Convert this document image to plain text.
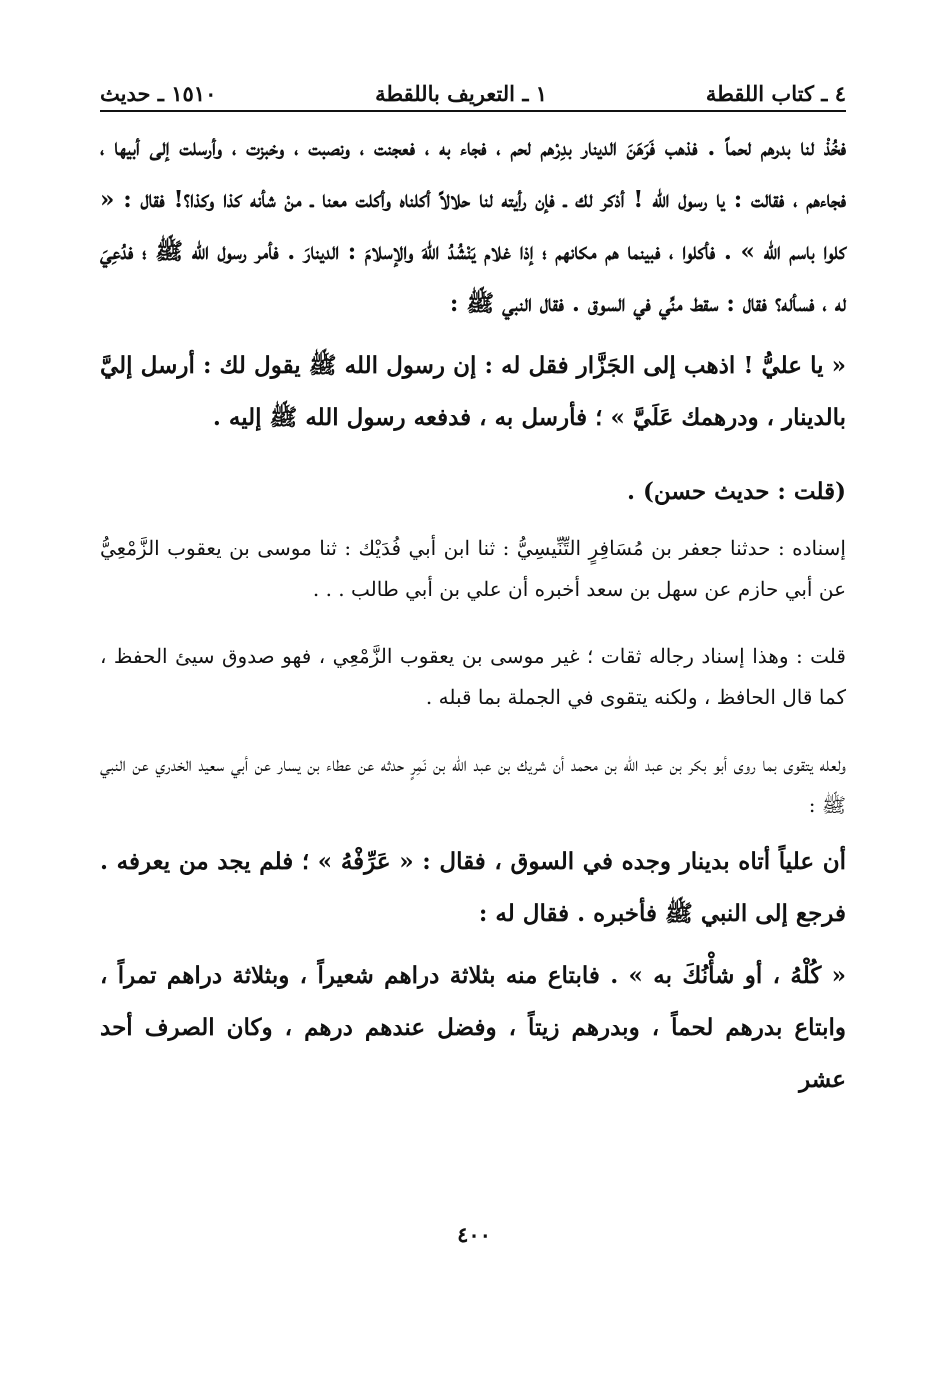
٤ ـ كتاب اللقطة
١ ـ التعريف باللقطة
١٥١٠ ـ حديث

فخُذْ لنا بدرهم لحماً . فذهب فَرَهَنَ الدينار بدِرْهم لحم ، فجاء به ، فعجنت ، ونصبت ، وخبزت ، وأرسلت إلى أبيها ، فجاءهم ، فقالت : يا رسول الله ! أذكر لك ـ فإن رأيته لنا حلالاً أكلناه وأكلت معنا ـ منْ شأنه كذا وكذا؟! فقال : « كلوا باسم الله » . فأكلوا ، فبينما هم مكانهم ؛ إذا غلام يَنْشُدُ اللهَ والإسلامَ : الدينارَ . فأمر رسول الله ﷺ ؛ فدُعِيَ له ، فسأله؟ فقال : سقط منِّي في السوق . فقال النبي ﷺ :

« يا عليُّ ! اذهب إلى الجَزَّار فقل له : إن رسول الله ﷺ يقول لك : أرسل إليَّ بالدينار ، ودرهمك عَلَيَّ » ؛ فأرسل به ، فدفعه رسول الله ﷺ إليه .

(قلت : حديث حسن) .

إسناده : حدثنا جعفر بن مُسَافِرٍ التِّنِّيسِيُّ : ثنا ابن أبي فُدَيْك : ثنا موسى بن يعقوب الزَّمْعِيُّ عن أبي حازم عن سهل بن سعد أخبره أن علي بن أبي طالب . . .

قلت : وهذا إسناد رجاله ثقات ؛ غير موسى بن يعقوب الزَّمْعِي ، فهو صدوق سيئ الحفظ ، كما قال الحافظ ، ولكنه يتقوى في الجملة بما قبله .

ولعله يتقوى بما روى أبو بكر بن عبد الله بن محمد أن شريك بن عبد الله بن نَمِرٍ حدثه عن عطاء بن يسار عن أبي سعيد الخدري عن النبي ﷺ :

أن علياً أتاه بدينار وجده في السوق ، فقال : « عَرِّفْهُ » ؛ فلم يجد من يعرفه . فرجع إلى النبي ﷺ فأخبره . فقال له :

« كُلْهُ ، أو شأْنُكَ به » . فابتاع منه بثلاثة دراهم شعيراً ، وبثلاثة دراهم تمراً ، وابتاع بدرهم لحماً ، وبدرهم زيتاً ، وفضل عندهم درهم ، وكان الصرف أحد عشر

٤٠٠
